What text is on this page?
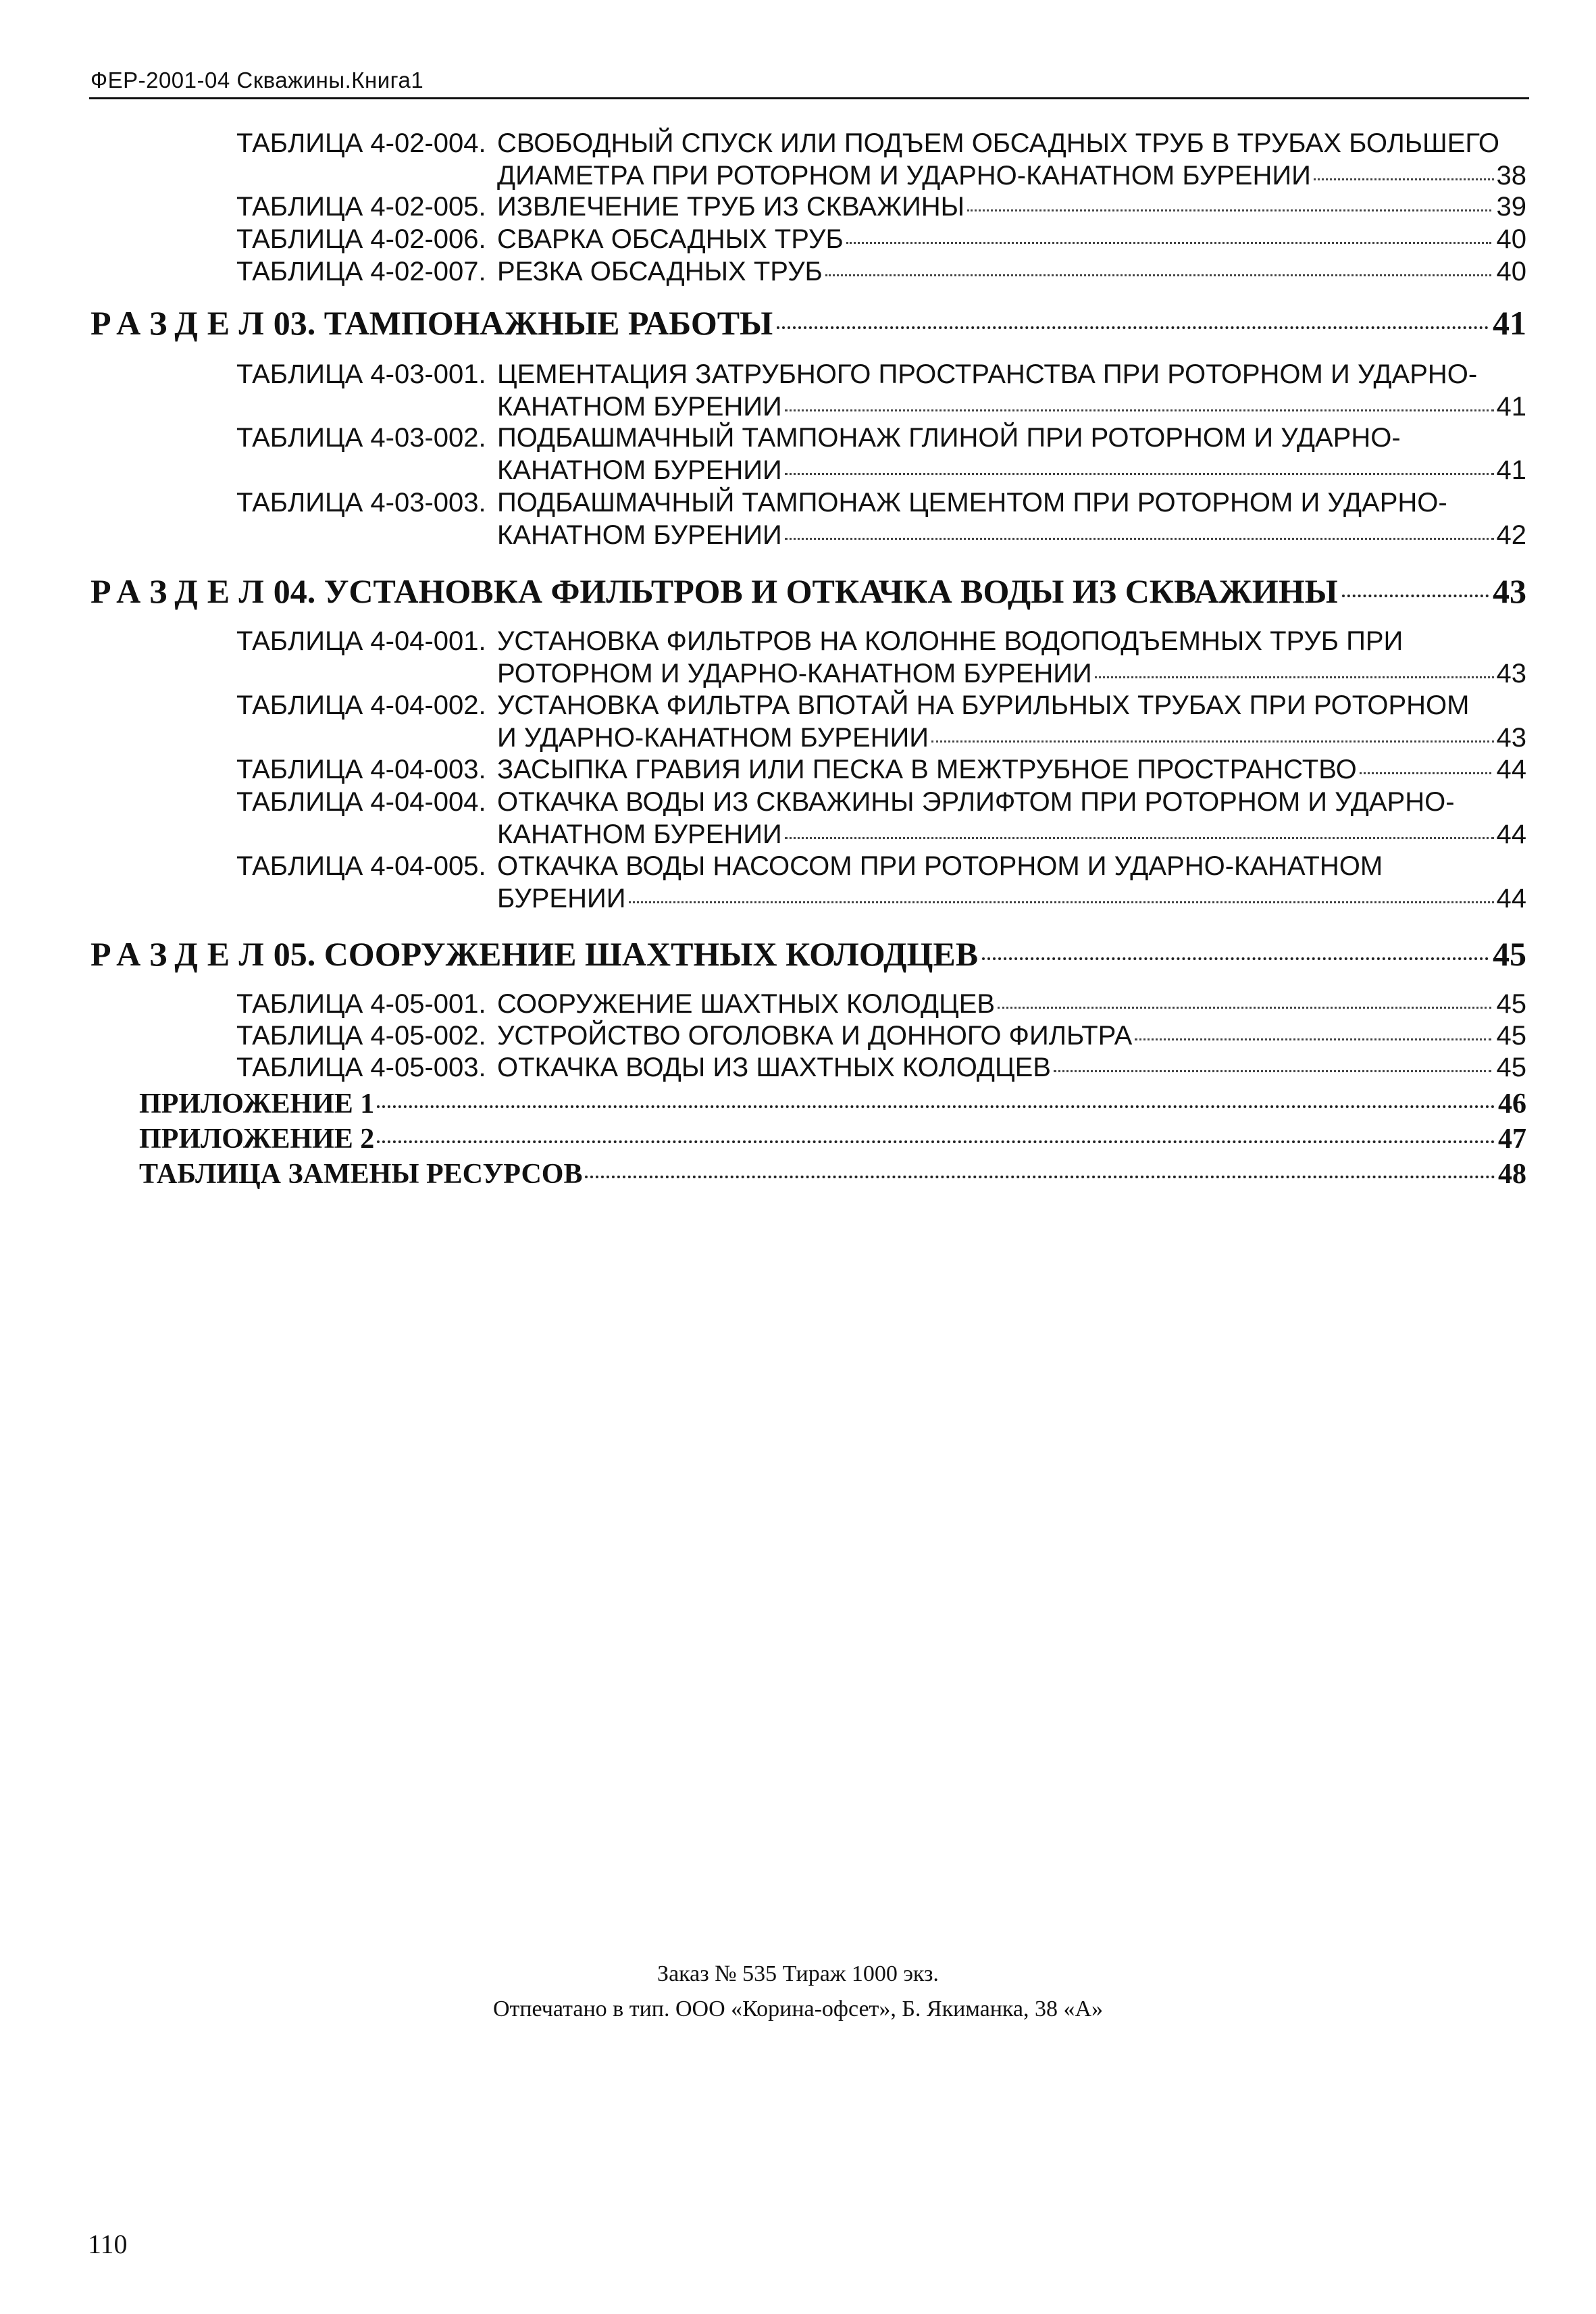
ФЕР-2001-04 Скважины.Книга1
ТАБЛИЦА 4-02-004. СВОБОДНЫЙ СПУСК ИЛИ ПОДЪЕМ ОБСАДНЫХ ТРУБ В ТРУБАХ БОЛЬШЕГО
ДИАМЕТРА ПРИ РОТОРНОМ И УДАРНО-КАНАТНОМ БУРЕНИИ	38
ТАБЛИЦА 4-02-005. ИЗВЛЕЧЕНИЕ ТРУБ ИЗ СКВАЖИНЫ	39
ТАБЛИЦА 4-02-006. СВАРКА ОБСАДНЫХ ТРУБ	40
ТАБЛИЦА 4-02-007. РЕЗКА ОБСАДНЫХ ТРУБ	40
РАЗДЕЛ 03. ТАМПОНАЖНЫЕ РАБОТЫ	41
ТАБЛИЦА 4-03-001. ЦЕМЕНТАЦИЯ ЗАТРУБНОГО ПРОСТРАНСТВА ПРИ РОТОРНОМ И УДАРНО-
КАНАТНОМ БУРЕНИИ	41
ТАБЛИЦА 4-03-002. ПОДБАШМАЧНЫЙ ТАМПОНАЖ ГЛИНОЙ ПРИ РОТОРНОМ И УДАРНО-
КАНАТНОМ БУРЕНИИ	41
ТАБЛИЦА 4-03-003. ПОДБАШМАЧНЫЙ ТАМПОНАЖ ЦЕМЕНТОМ ПРИ РОТОРНОМ И УДАРНО-
КАНАТНОМ БУРЕНИИ	42
РАЗДЕЛ 04. УСТАНОВКА ФИЛЬТРОВ И ОТКАЧКА ВОДЫ ИЗ СКВАЖИНЫ	43
ТАБЛИЦА 4-04-001. УСТАНОВКА ФИЛЬТРОВ НА КОЛОННЕ ВОДОПОДЪЕМНЫХ ТРУБ ПРИ
РОТОРНОМ И УДАРНО-КАНАТНОМ БУРЕНИИ	43
ТАБЛИЦА 4-04-002. УСТАНОВКА ФИЛЬТРА ВПОТАЙ НА БУРИЛЬНЫХ ТРУБАХ ПРИ РОТОРНОМ
И УДАРНО-КАНАТНОМ БУРЕНИИ	43
ТАБЛИЦА 4-04-003. ЗАСЫПКА ГРАВИЯ ИЛИ ПЕСКА В МЕЖТРУБНОЕ ПРОСТРАНСТВО	44
ТАБЛИЦА 4-04-004. ОТКАЧКА ВОДЫ ИЗ СКВАЖИНЫ ЭРЛИФТОМ ПРИ РОТОРНОМ И УДАРНО-
КАНАТНОМ БУРЕНИИ	44
ТАБЛИЦА 4-04-005. ОТКАЧКА ВОДЫ НАСОСОМ ПРИ РОТОРНОМ И УДАРНО-КАНАТНОМ
БУРЕНИИ	44
РАЗДЕЛ 05. СООРУЖЕНИЕ ШАХТНЫХ КОЛОДЦЕВ	45
ТАБЛИЦА 4-05-001. СООРУЖЕНИЕ ШАХТНЫХ КОЛОДЦЕВ	45
ТАБЛИЦА 4-05-002. УСТРОЙСТВО ОГОЛОВКА И ДОННОГО ФИЛЬТРА	45
ТАБЛИЦА 4-05-003. ОТКАЧКА ВОДЫ ИЗ ШАХТНЫХ КОЛОДЦЕВ	45
ПРИЛОЖЕНИЕ 1	46
ПРИЛОЖЕНИЕ 2	47
ТАБЛИЦА ЗАМЕНЫ РЕСУРСОВ	48
Заказ № 535 Тираж 1000 экз.
Отпечатано в тип. ООО «Корина-офсет», Б. Якиманка, 38 «А»
110
